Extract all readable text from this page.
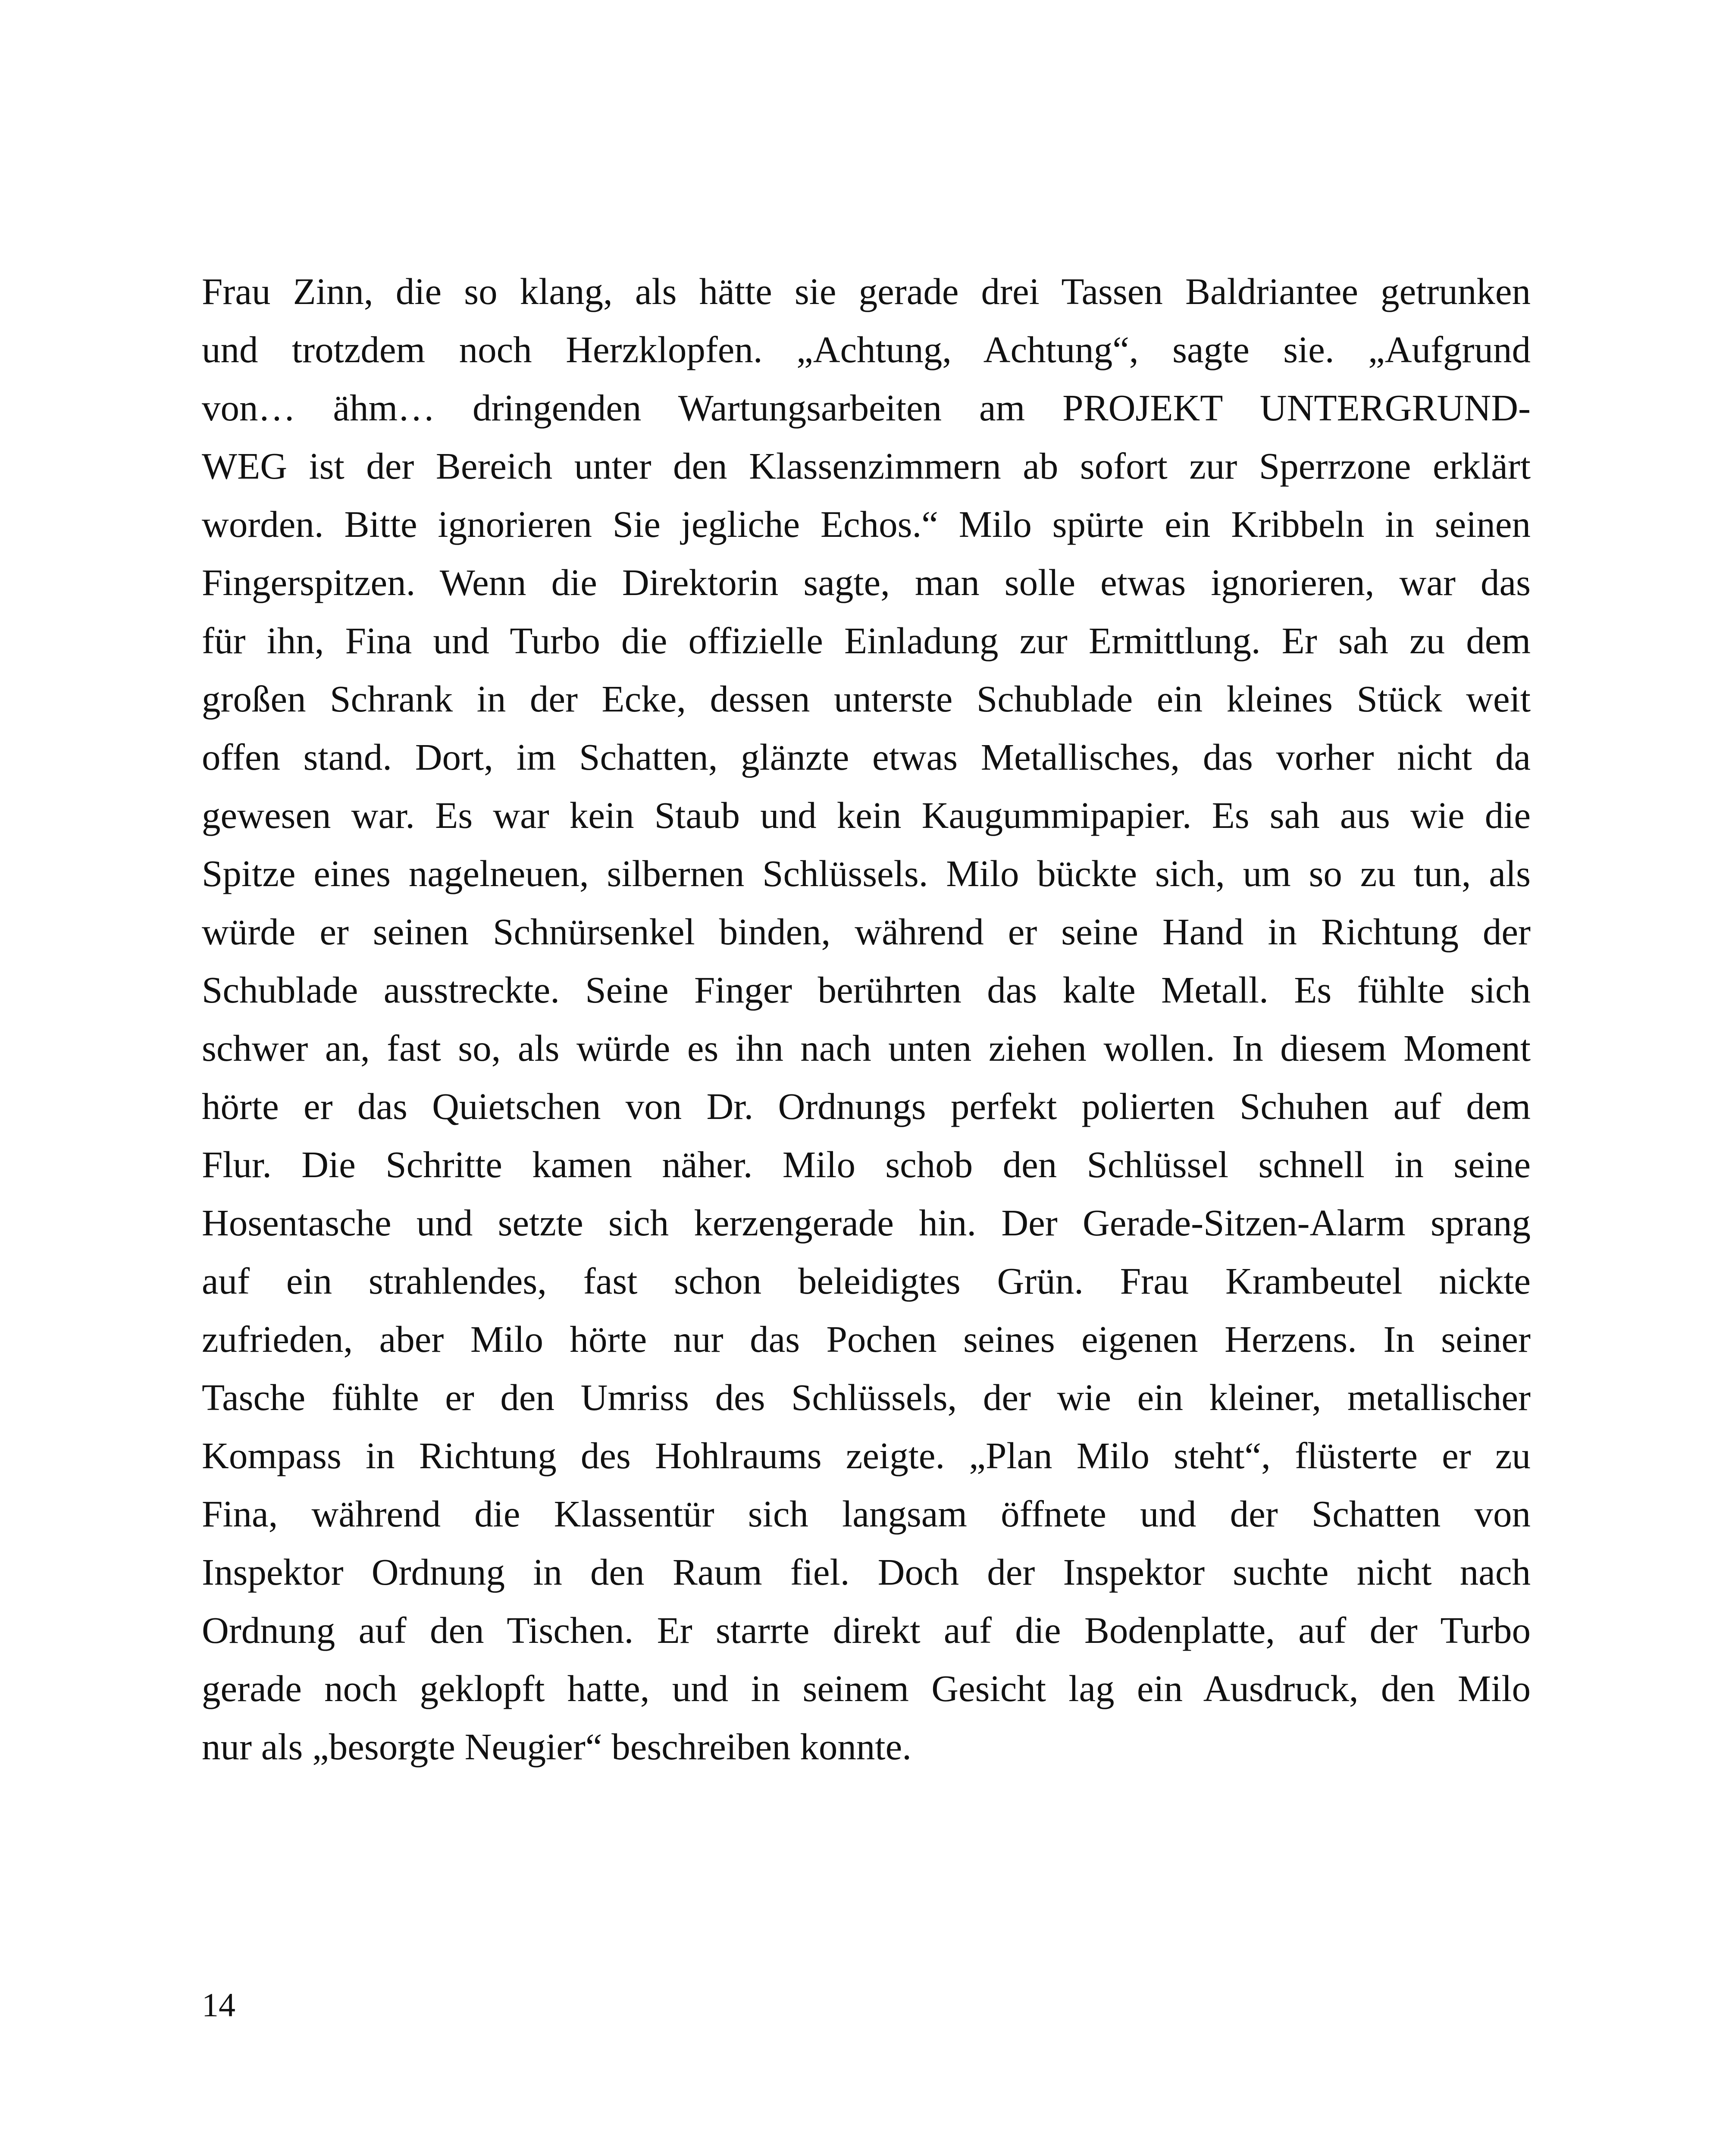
Frau Zinn, die so klang, als hätte sie gerade drei Tassen Baldriantee getrunken
und trotzdem noch Herzklopfen. „Achtung, Achtung“, sagte sie. „Aufgrund
von… ähm… dringenden Wartungsarbeiten am PROJEKT UNTERGRUND-
WEG ist der Bereich unter den Klassenzimmern ab sofort zur Sperrzone erklärt
worden. Bitte ignorieren Sie jegliche Echos.“ Milo spürte ein Kribbeln in seinen
Fingerspitzen. Wenn die Direktorin sagte, man solle etwas ignorieren, war das
für ihn, Fina und Turbo die offizielle Einladung zur Ermittlung. Er sah zu dem
großen Schrank in der Ecke, dessen unterste Schublade ein kleines Stück weit
offen stand. Dort, im Schatten, glänzte etwas Metallisches, das vorher nicht da
gewesen war. Es war kein Staub und kein Kaugummipapier. Es sah aus wie die
Spitze eines nagelneuen, silbernen Schlüssels. Milo bückte sich, um so zu tun, als
würde er seinen Schnürsenkel binden, während er seine Hand in Richtung der
Schublade ausstreckte. Seine Finger berührten das kalte Metall. Es fühlte sich
schwer an, fast so, als würde es ihn nach unten ziehen wollen. In diesem Moment
hörte er das Quietschen von Dr. Ordnungs perfekt polierten Schuhen auf dem
Flur. Die Schritte kamen näher. Milo schob den Schlüssel schnell in seine
Hosentasche und setzte sich kerzengerade hin. Der Gerade-Sitzen-Alarm sprang
auf ein strahlendes, fast schon beleidigtes Grün. Frau Krambeutel nickte
zufrieden, aber Milo hörte nur das Pochen seines eigenen Herzens. In seiner
Tasche fühlte er den Umriss des Schlüssels, der wie ein kleiner, metallischer
Kompass in Richtung des Hohlraums zeigte. „Plan Milo steht“, flüsterte er zu
Fina, während die Klassentür sich langsam öffnete und der Schatten von
Inspektor Ordnung in den Raum fiel. Doch der Inspektor suchte nicht nach
Ordnung auf den Tischen. Er starrte direkt auf die Bodenplatte, auf der Turbo
gerade noch geklopft hatte, und in seinem Gesicht lag ein Ausdruck, den Milo
nur als „besorgte Neugier“ beschreiben konnte.
14
